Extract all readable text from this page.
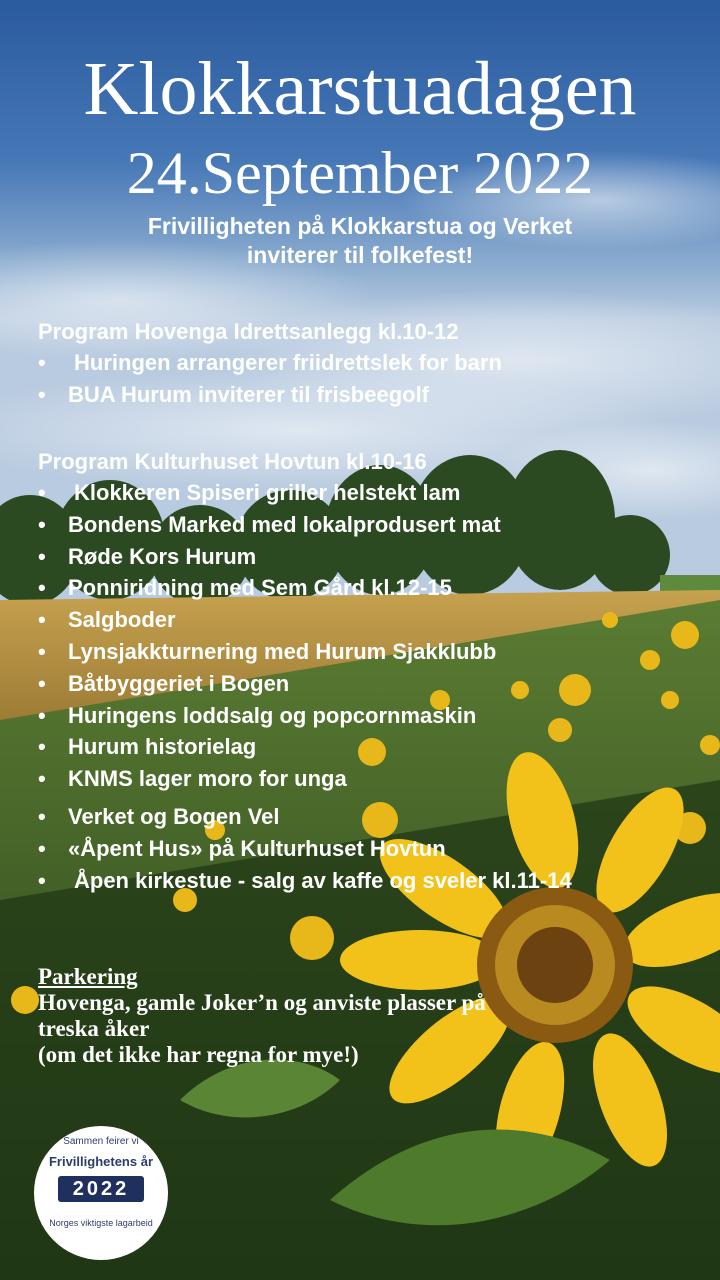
Klokkarstuadagen
24.September 2022
Frivilligheten på Klokkarstua og Verket
inviterer til folkefest!
Program Hovenga Idrettsanlegg kl.10-12
• Huringen arrangerer friidrettslek for barn
• BUA Hurum inviterer til frisbeegolf
Program Kulturhuset Hovtun kl.10-16
• Klokkeren Spiseri griller helstekt lam
• Bondens Marked med lokalprodusert mat
• Røde Kors Hurum
• Ponniridning med Sem Gård kl.12-15
• Salgboder
• Lynsjakkturnering med Hurum Sjakklubb
• Båtbyggeriet i Bogen
• Huringens loddsalg og popcornmaskin
• Hurum historielag
• KNMS lager moro for unga
• Verket og Bogen Vel
• «Åpent Hus» på Kulturhuset Hovtun
• Åpen kirkestue - salg av kaffe og sveler kl.11-14
Parkering
Hovenga, gamle Joker’n og anviste plasser på
treska åker
(om det ikke har regna for mye!)
Sammen feirer vi
Frivillighetens år
2022
Norges viktigste lagarbeid
